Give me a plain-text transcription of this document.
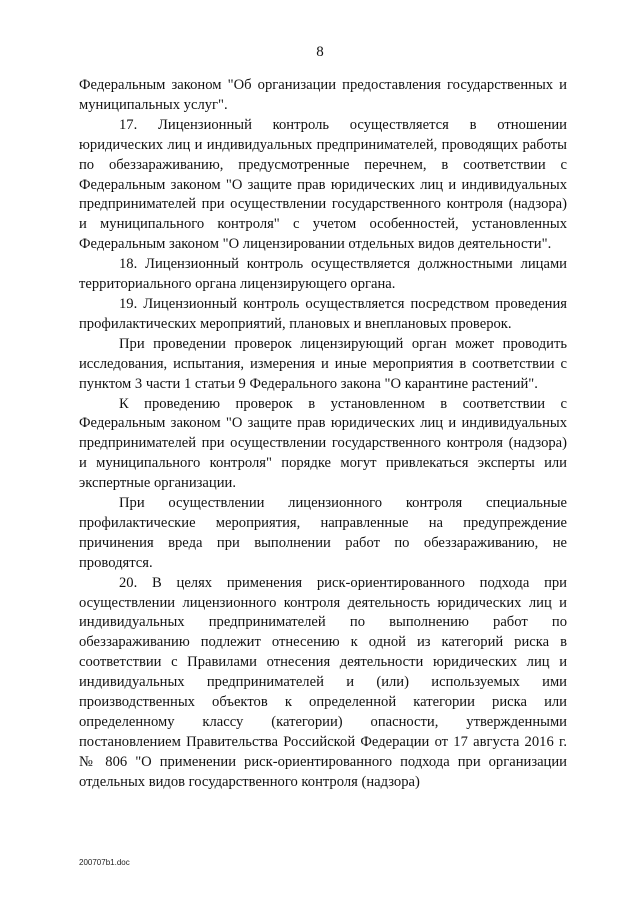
8

Федеральным законом "Об организации предоставления государственных и муниципальных услуг".

17. Лицензионный контроль осуществляется в отношении юридических лиц и индивидуальных предпринимателей, проводящих работы по обеззараживанию, предусмотренные перечнем, в соответствии с Федеральным законом "О защите прав юридических лиц и индивидуальных предпринимателей при осуществлении государственного контроля (надзора) и муниципального контроля" с учетом особенностей, установленных Федеральным законом "О лицензировании отдельных видов деятельности".

18. Лицензионный контроль осуществляется должностными лицами территориального органа лицензирующего органа.

19. Лицензионный контроль осуществляется посредством проведения профилактических мероприятий, плановых и внеплановых проверок.

При проведении проверок лицензирующий орган может проводить исследования, испытания, измерения и иные мероприятия в соответствии с пунктом 3 части 1 статьи 9 Федерального закона "О карантине растений".

К проведению проверок в установленном в соответствии с Федеральным законом "О защите прав юридических лиц и индивидуальных предпринимателей при осуществлении государственного контроля (надзора) и муниципального контроля" порядке могут привлекаться эксперты или экспертные организации.

При осуществлении лицензионного контроля специальные профилактические мероприятия, направленные на предупреждение причинения вреда при выполнении работ по обеззараживанию, не проводятся.

20. В целях применения риск-ориентированного подхода при осуществлении лицензионного контроля деятельность юридических лиц и индивидуальных предпринимателей по выполнению работ по обеззараживанию подлежит отнесению к одной из категорий риска в соответствии с Правилами отнесения деятельности юридических лиц и индивидуальных предпринимателей и (или) используемых ими производственных объектов к определенной категории риска или определенному классу (категории) опасности, утвержденными постановлением Правительства Российской Федерации от 17 августа 2016 г. № 806 "О применении риск-ориентированного подхода при организации отдельных видов государственного контроля (надзора)

200707b1.doc
